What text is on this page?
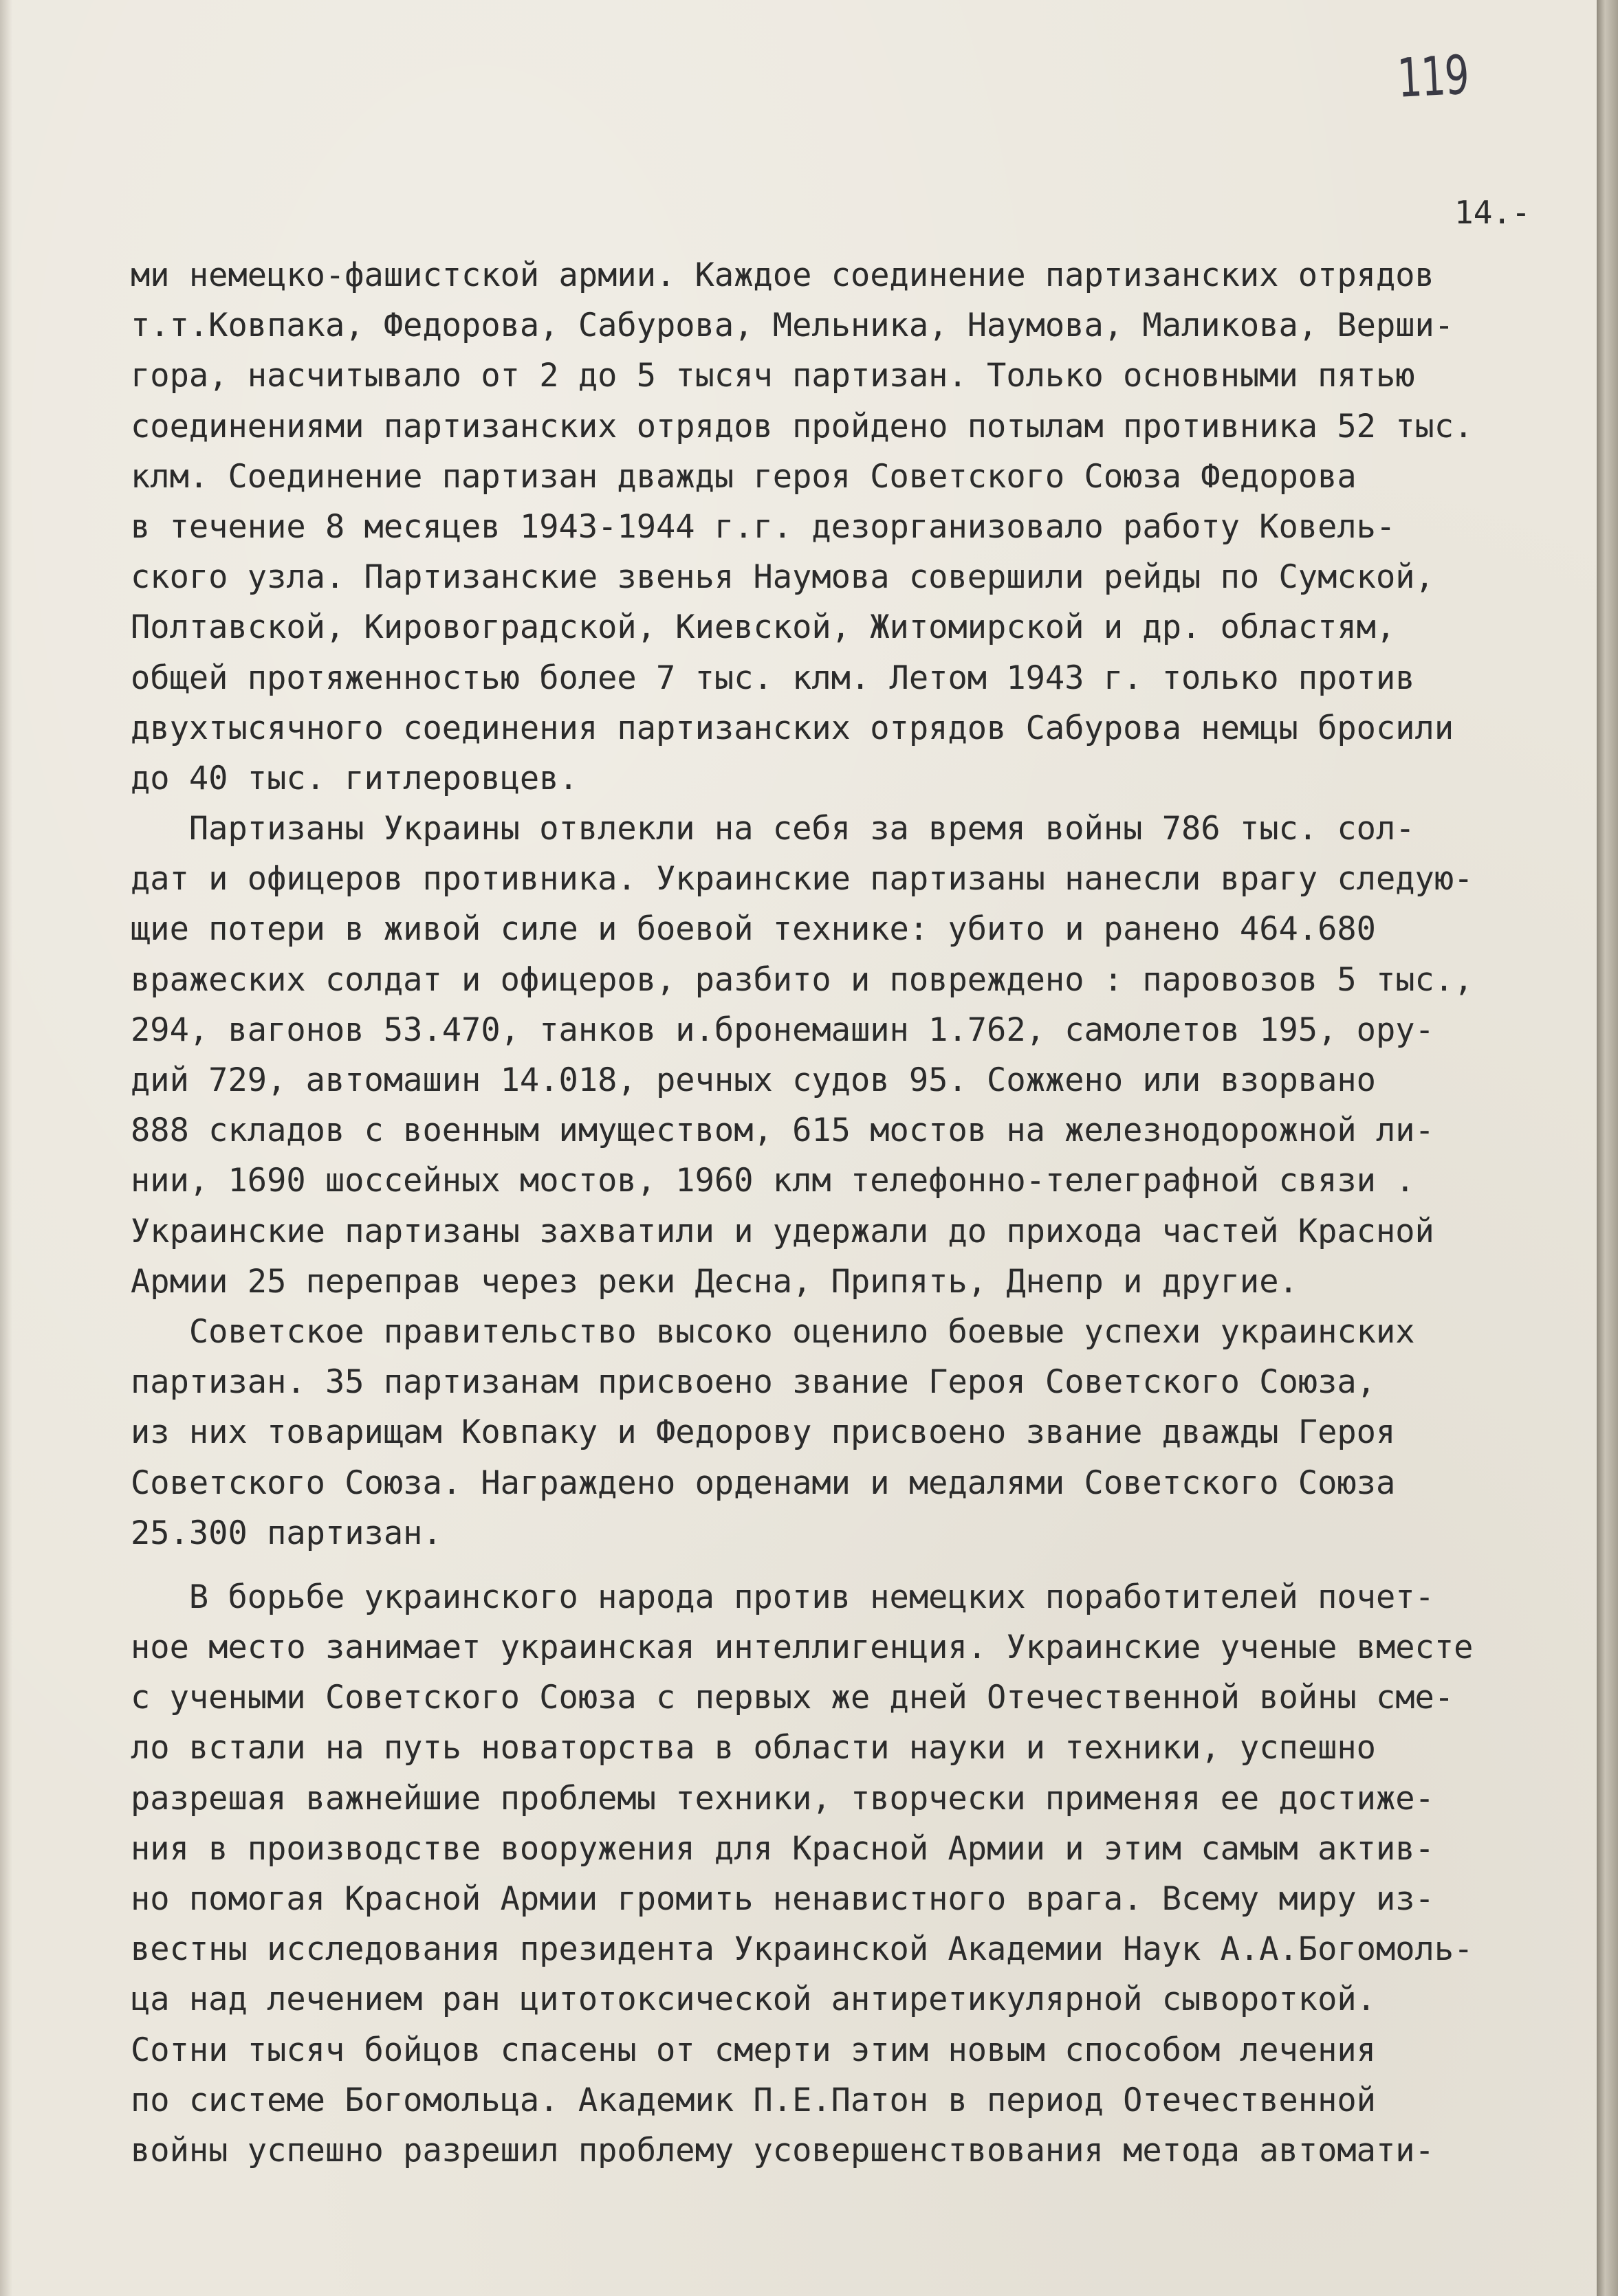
119
14.-
ми немецко-фашистской армии. Каждое соединение партизанских отрядов
т.т.Ковпака, Федорова, Сабурова, Мельника, Наумова, Маликова, Верши-
гора, насчитывало от 2 до 5 тысяч партизан. Только основными пятью
соединениями партизанских отрядов пройдено потылам противника 52 тыс.
клм. Соединение партизан дважды героя Советского Союза Федорова
в течение 8 месяцев 1943-1944 г.г. дезорганизовало работу Ковель-
ского узла. Партизанские звенья Наумова совершили рейды по Сумской,
Полтавской, Кировоградской, Киевской, Житомирской и др. областям,
общей протяженностью более 7 тыс. клм. Летом 1943 г. только против
двухтысячного соединения партизанских отрядов Сабурова немцы бросили
до 40 тыс. гитлеровцев.
Партизаны Украины отвлекли на себя за время войны 786 тыс. сол-
дат и офицеров противника. Украинские партизаны нанесли врагу следую-
щие потери в живой силе и боевой технике: убито и ранено 464.680
вражеских солдат и офицеров, разбито и повреждено : паровозов 5 тыс.,
294, вагонов 53.470, танков и.бронемашин 1.762, самолетов 195, ору-
дий 729, автомашин 14.018, речных судов 95. Сожжено или взорвано
888 складов с военным имуществом, 615 мостов на железнодорожной ли-
нии, 1690 шоссейных мостов, 1960 клм телефонно-телеграфной связи .
Украинские партизаны захватили и удержали до прихода частей Красной
Армии 25 переправ через реки Десна, Припять, Днепр и другие.
Советское правительство высоко оценило боевые успехи украинских
партизан. 35 партизанам присвоено звание Героя Советского Союза,
из них товарищам Ковпаку и Федорову присвоено звание дважды Героя
Советского Союза. Награждено орденами и медалями Советского Союза
25.300 партизан.
В борьбе украинского народа против немецких поработителей почет-
ное место занимает украинская интеллигенция. Украинские ученые вместе
с учеными Советского Союза с первых же дней Отечественной войны сме-
ло встали на путь новаторства в области науки и техники, успешно
разрешая важнейшие проблемы техники, творчески применяя ее достиже-
ния в производстве вооружения для Красной Армии и этим самым актив-
но помогая Красной Армии громить ненавистного врага. Всему миру из-
вестны исследования президента Украинской Академии Наук А.А.Богомоль-
ца над лечением ран цитотоксической антиретикулярной сывороткой.
Сотни тысяч бойцов спасены от смерти этим новым способом лечения
по системе Богомольца. Академик П.Е.Патон в период Отечественной
войны успешно разрешил проблему усовершенствования метода автомати-
